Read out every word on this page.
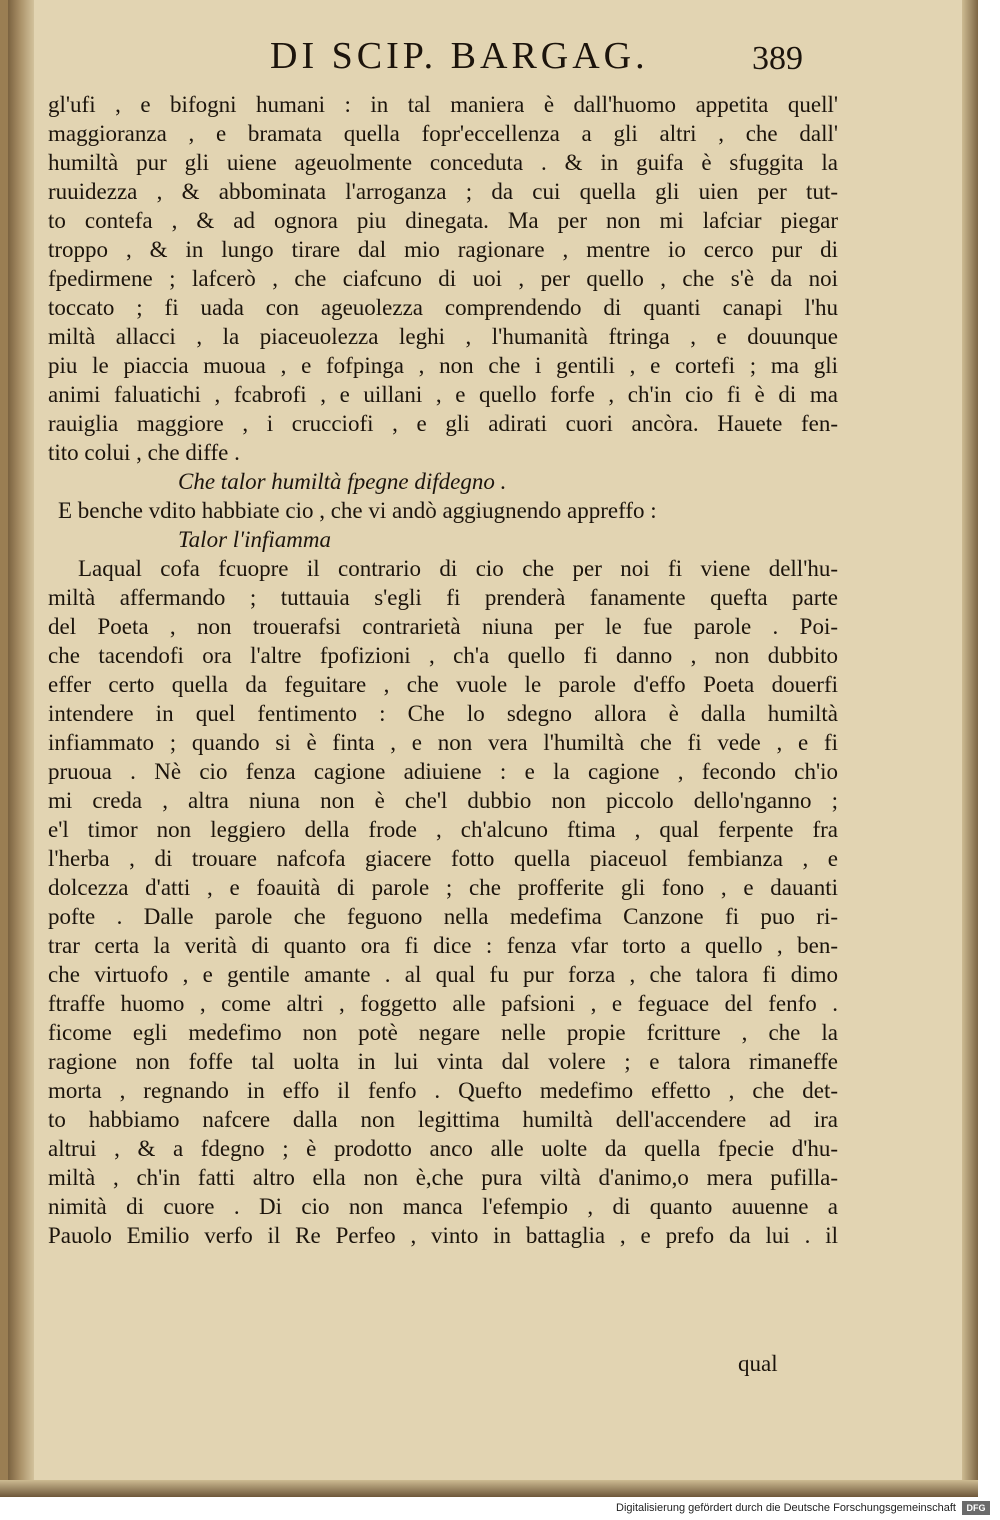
DI SCIP. BARGAG.	389
gl'ufi , e bifogni humani : in tal maniera è dall'huomo appetita quell'
maggioranza , e bramata quella fopr'eccellenza a gli altri , che dall'
humiltà pur gli uiene ageuolmente conceduta . & in guifa è sfuggita la
ruuidezza , & abbominata l'arroganza ; da cui quella gli uien per tut-
to contefa , & ad ognora piu dinegata. Ma per non mi lafciar piegar
troppo , & in lungo tirare dal mio ragionare , mentre io cerco pur di
fpedirmene ; lafcerò , che ciafcuno di uoi , per quello , che s'è da noi
toccato ; fi uada con ageuolezza comprendendo di quanti canapi l'hu
miltà allacci , la piaceuolezza leghi , l'humanità ftringa , e douunque
piu le piaccia muoua , e fofpinga , non che i gentili , e cortefi ; ma gli
animi faluatichi , fcabrofi , e uillani , e quello forfe , ch'in cio fi è di ma
rauiglia maggiore , i crucciofi , e gli adirati cuori ancòra. Hauete fen-
tito colui , che diffe .
Che talor humiltà fpegne difdegno .
E benche vdito habbiate cio , che vi andò aggiugnendo appreffo :
Talor l'infiamma
Laqual cofa fcuopre il contrario di cio che per noi fi viene dell'hu-
miltà affermando ; tuttauia s'egli fi prenderà fanamente quefta parte
del Poeta , non trouerafsi contrarietà niuna per le fue parole . Poi-
che tacendofi ora l'altre fpofizioni , ch'a quello fi danno , non dubbito
effer certo quella da feguitare , che vuole le parole d'effo Poeta douerfi
intendere in quel fentimento : Che lo sdegno allora è dalla humiltà
infiammato ; quando si è finta , e non vera l'humiltà che fi vede , e fi
pruoua . Nè cio fenza cagione adiuiene : e la cagione , fecondo ch'io
mi creda , altra niuna non è che'l dubbio non piccolo dello'nganno ;
e'l timor non leggiero della frode , ch'alcuno ftima , qual ferpente fra
l'herba , di trouare nafcofa giacere fotto quella piaceuol fembianza , e
dolcezza d'atti , e foauità di parole ; che profferite gli fono , e dauanti
pofte . Dalle parole che feguono nella medefima Canzone fi puo ri-
trar certa la verità di quanto ora fi dice : fenza vfar torto a quello , ben-
che virtuofo , e gentile amante . al qual fu pur forza , che talora fi dimo
ftraffe huomo , come altri , foggetto alle pafsioni , e feguace del fenfo .
ficome egli medefimo non potè negare nelle propie fcritture , che la
ragione non foffe tal uolta in lui vinta dal volere ; e talora rimaneffe
morta , regnando in effo il fenfo . Quefto medefimo effetto , che det-
to habbiamo nafcere dalla non legittima humiltà dell'accendere ad ira
altrui , & a fdegno ; è prodotto anco alle uolte da quella fpecie d'hu-
miltà , ch'in fatti altro ella non è,che pura viltà d'animo,o mera pufilla-
nimità di cuore . Di cio non manca l'efempio , di quanto auuenne a
Pauolo Emilio verfo il Re Perfeo , vinto in battaglia , e prefo da lui . il
qual
Digitalisierung gefördert durch die Deutsche Forschungsgemeinschaft	DFG
